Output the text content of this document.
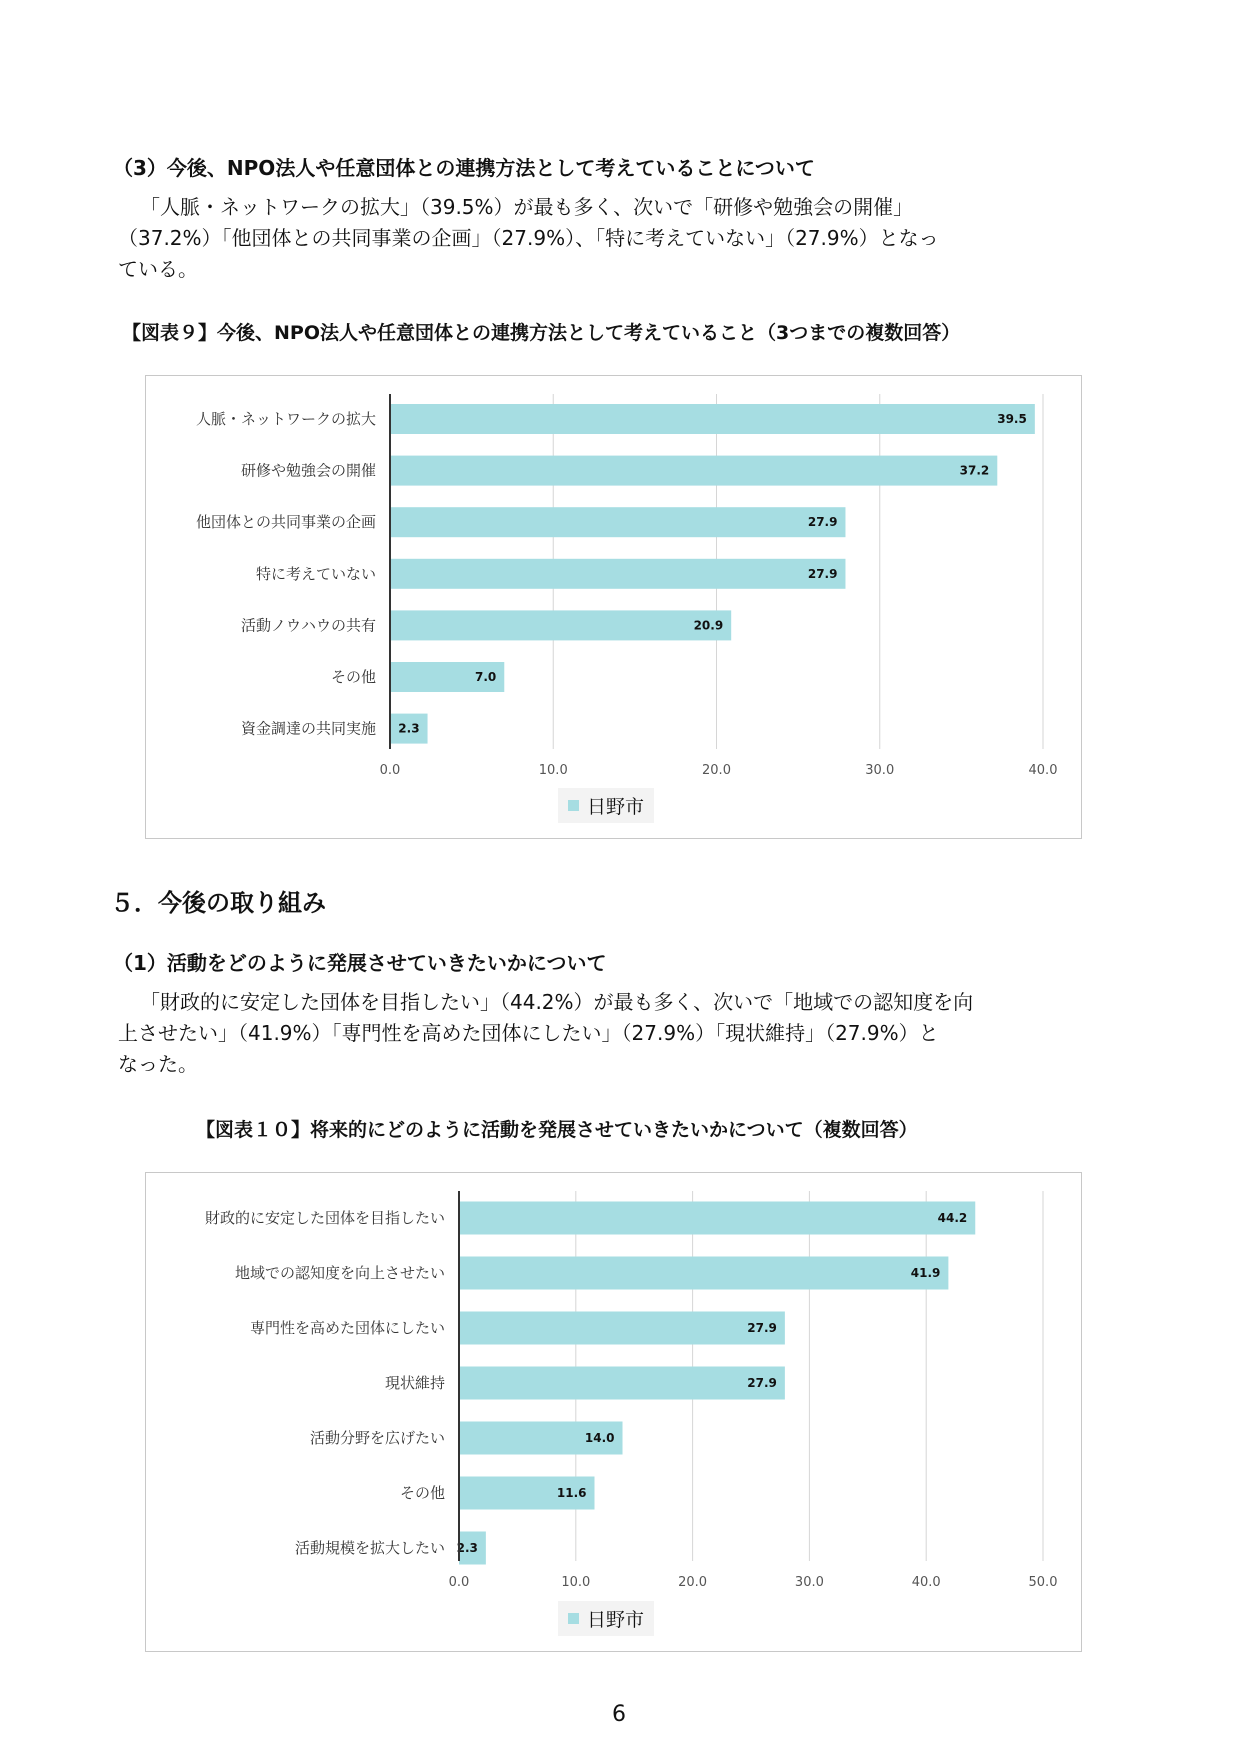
（3）今後、NPO法人や任意団体との連携方法として考えていることについて
「人脈・ネットワークの拡大」（39.5%）が最も多く、次いで「研修や勉強会の開催」
（37.2%）「他団体との共同事業の企画」（27.9%）、「特に考えていない」（27.9%）となっ
ている。
【図表９】今後、NPO法人や任意団体との連携方法として考えていること（3つまでの複数回答）
0.0	10.0	20.0	30.0	40.0
人脈・ネットワークの拡大	39.5
研修や勉強会の開催	37.2
他団体との共同事業の企画	27.9
特に考えていない	27.9
活動ノウハウの共有	20.9
その他	7.0
資金調達の共同実施 2.3
日野市
５．今後の取り組み
（1）活動をどのように発展させていきたいかについて
「財政的に安定した団体を目指したい」（44.2%）が最も多く、次いで「地域での認知度を向
上させたい」（41.9%）「専門性を高めた団体にしたい」（27.9%）「現状維持」（27.9%）と
なった。
【図表１０】将来的にどのように活動を発展させていきたいかについて（複数回答）
0.0	10.0	20.0	30.0	40.0	50.0
財政的に安定した団体を目指したい	44.2
地域での認知度を向上させたい	41.9
専門性を高めた団体にしたい	27.9
現状維持	27.9
活動分野を広げたい	14.0
その他	11.6
活動規模を拡大したい 2.3
日野市
6
